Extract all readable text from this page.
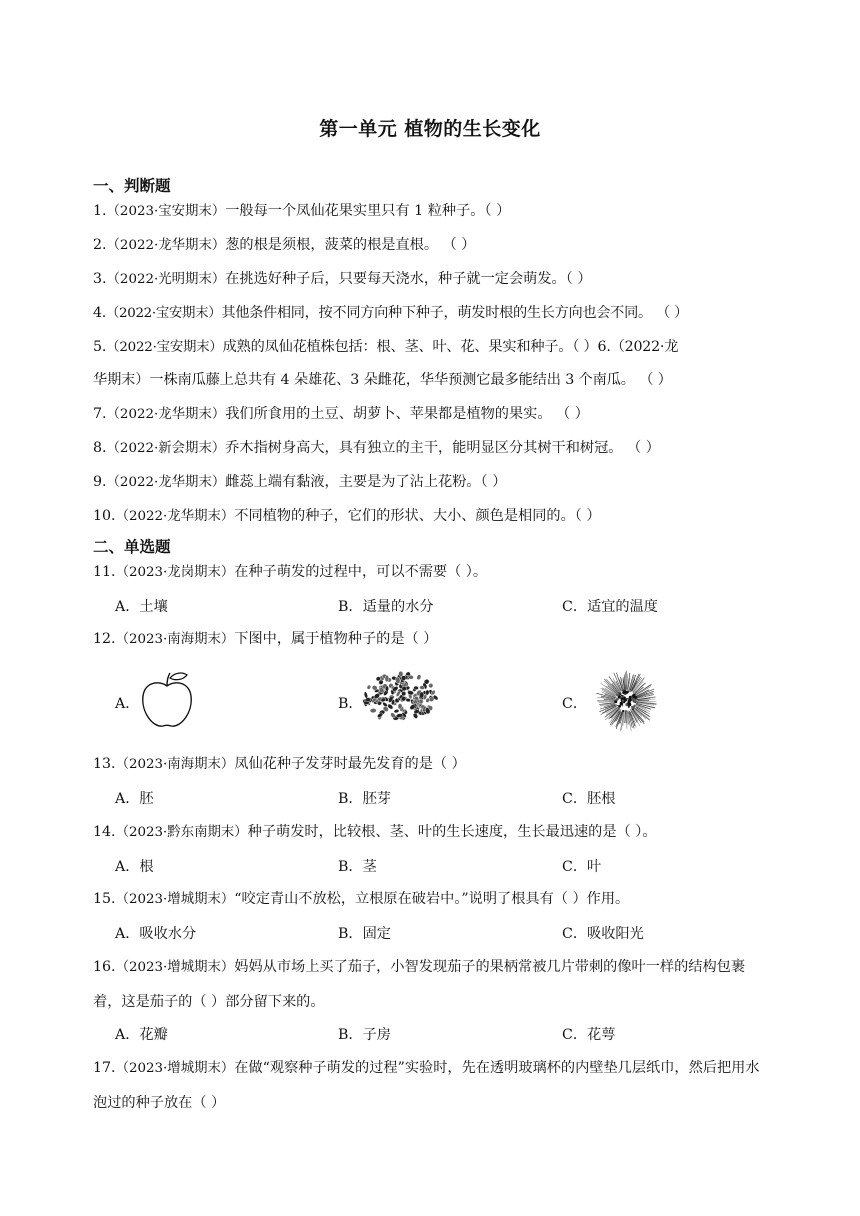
第一单元 植物的生长变化
一、判断题
1.（2023·宝安期末）一般每一个凤仙花果实里只有 1 粒种子。（ ）
2.（2022·龙华期末）葱的根是须根，菠菜的根是直根。 （ ）
3.（2022·光明期末）在挑选好种子后，只要每天浇水，种子就一定会萌发。（ ）
4.（2022·宝安期末）其他条件相同，按不同方向种下种子，萌发时根的生长方向也会不同。 （ ）
5.（2022·宝安期末）成熟的凤仙花植株包括：根、茎、叶、花、果实和种子。（ ）6.（2022·龙
华期末）一株南瓜藤上总共有 4 朵雄花、3 朵雌花，华华预测它最多能结出 3 个南瓜。 （ ）
7.（2022·龙华期末）我们所食用的土豆、胡萝卜、苹果都是植物的果实。 （ ）
8.（2022·新会期末）乔木指树身高大，具有独立的主干，能明显区分其树干和树冠。 （ ）
9.（2022·龙华期末）雌蕊上端有黏液，主要是为了沾上花粉。（ ）
10.（2022·龙华期末）不同植物的种子，它们的形状、大小、颜色是相同的。（ ）
二、单选题
11.（2023·龙岗期末）在种子萌发的过程中，可以不需要（ ）。
A．土壤	B．适量的水分	C．适宜的温度
12.（2023·南海期末）下图中，属于植物种子的是（ ）
A．	B．	C．
13.（2023·南海期末）凤仙花种子发芽时最先发育的是（ ）
A．胚	B．胚芽	C．胚根
14.（2023·黔东南期末）种子萌发时，比较根、茎、叶的生长速度，生长最迅速的是（ ）。
A．根	B．茎	C．叶
15.（2023·增城期末）“咬定青山不放松，立根原在破岩中。”说明了根具有（ ）作用。
A．吸收水分	B．固定	C．吸收阳光
16.（2023·增城期末）妈妈从市场上买了茄子，小智发现茄子的果柄常被几片带刺的像叶一样的结构包裹着，这是茄子的（ ）部分留下来的。
A．花瓣	B．子房	C．花萼
17.（2023·增城期末）在做“观察种子萌发的过程”实验时，先在透明玻璃杯的内壁垫几层纸巾，然后把用水泡过的种子放在（ ）
